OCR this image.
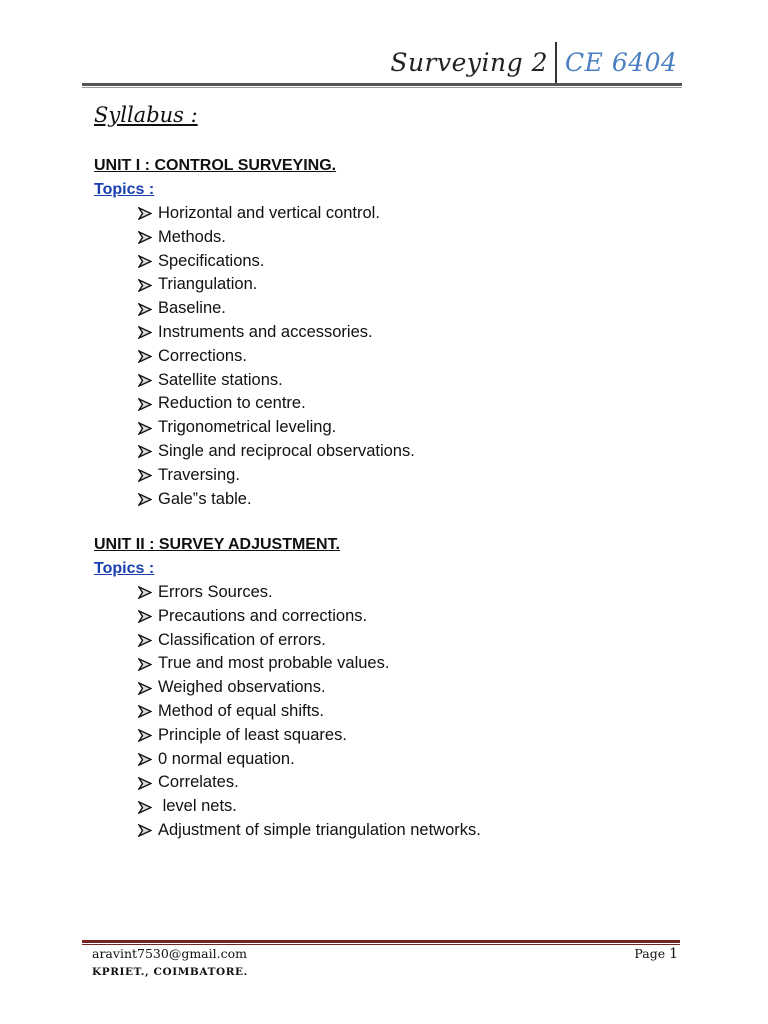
Surveying 2 CE 6404
Syllabus :
UNIT I : CONTROL SURVEYING.
Topics :
Horizontal and vertical control.
Methods.
Specifications.
Triangulation.
Baseline.
Instruments and accessories.
Corrections.
Satellite stations.
Reduction to centre.
Trigonometrical leveling.
Single and reciprocal observations.
Traversing.
Gale‟s table.
UNIT II : SURVEY ADJUSTMENT.
Topics :
Errors Sources.
Precautions and corrections.
Classification of errors.
True and most probable values.
Weighed observations.
Method of equal shifts.
Principle of least squares.
0 normal equation.
Correlates.
level nets.
Adjustment of simple triangulation networks.
aravint7530@gmail.com	Page 1
KPRIET., COIMBATORE.
